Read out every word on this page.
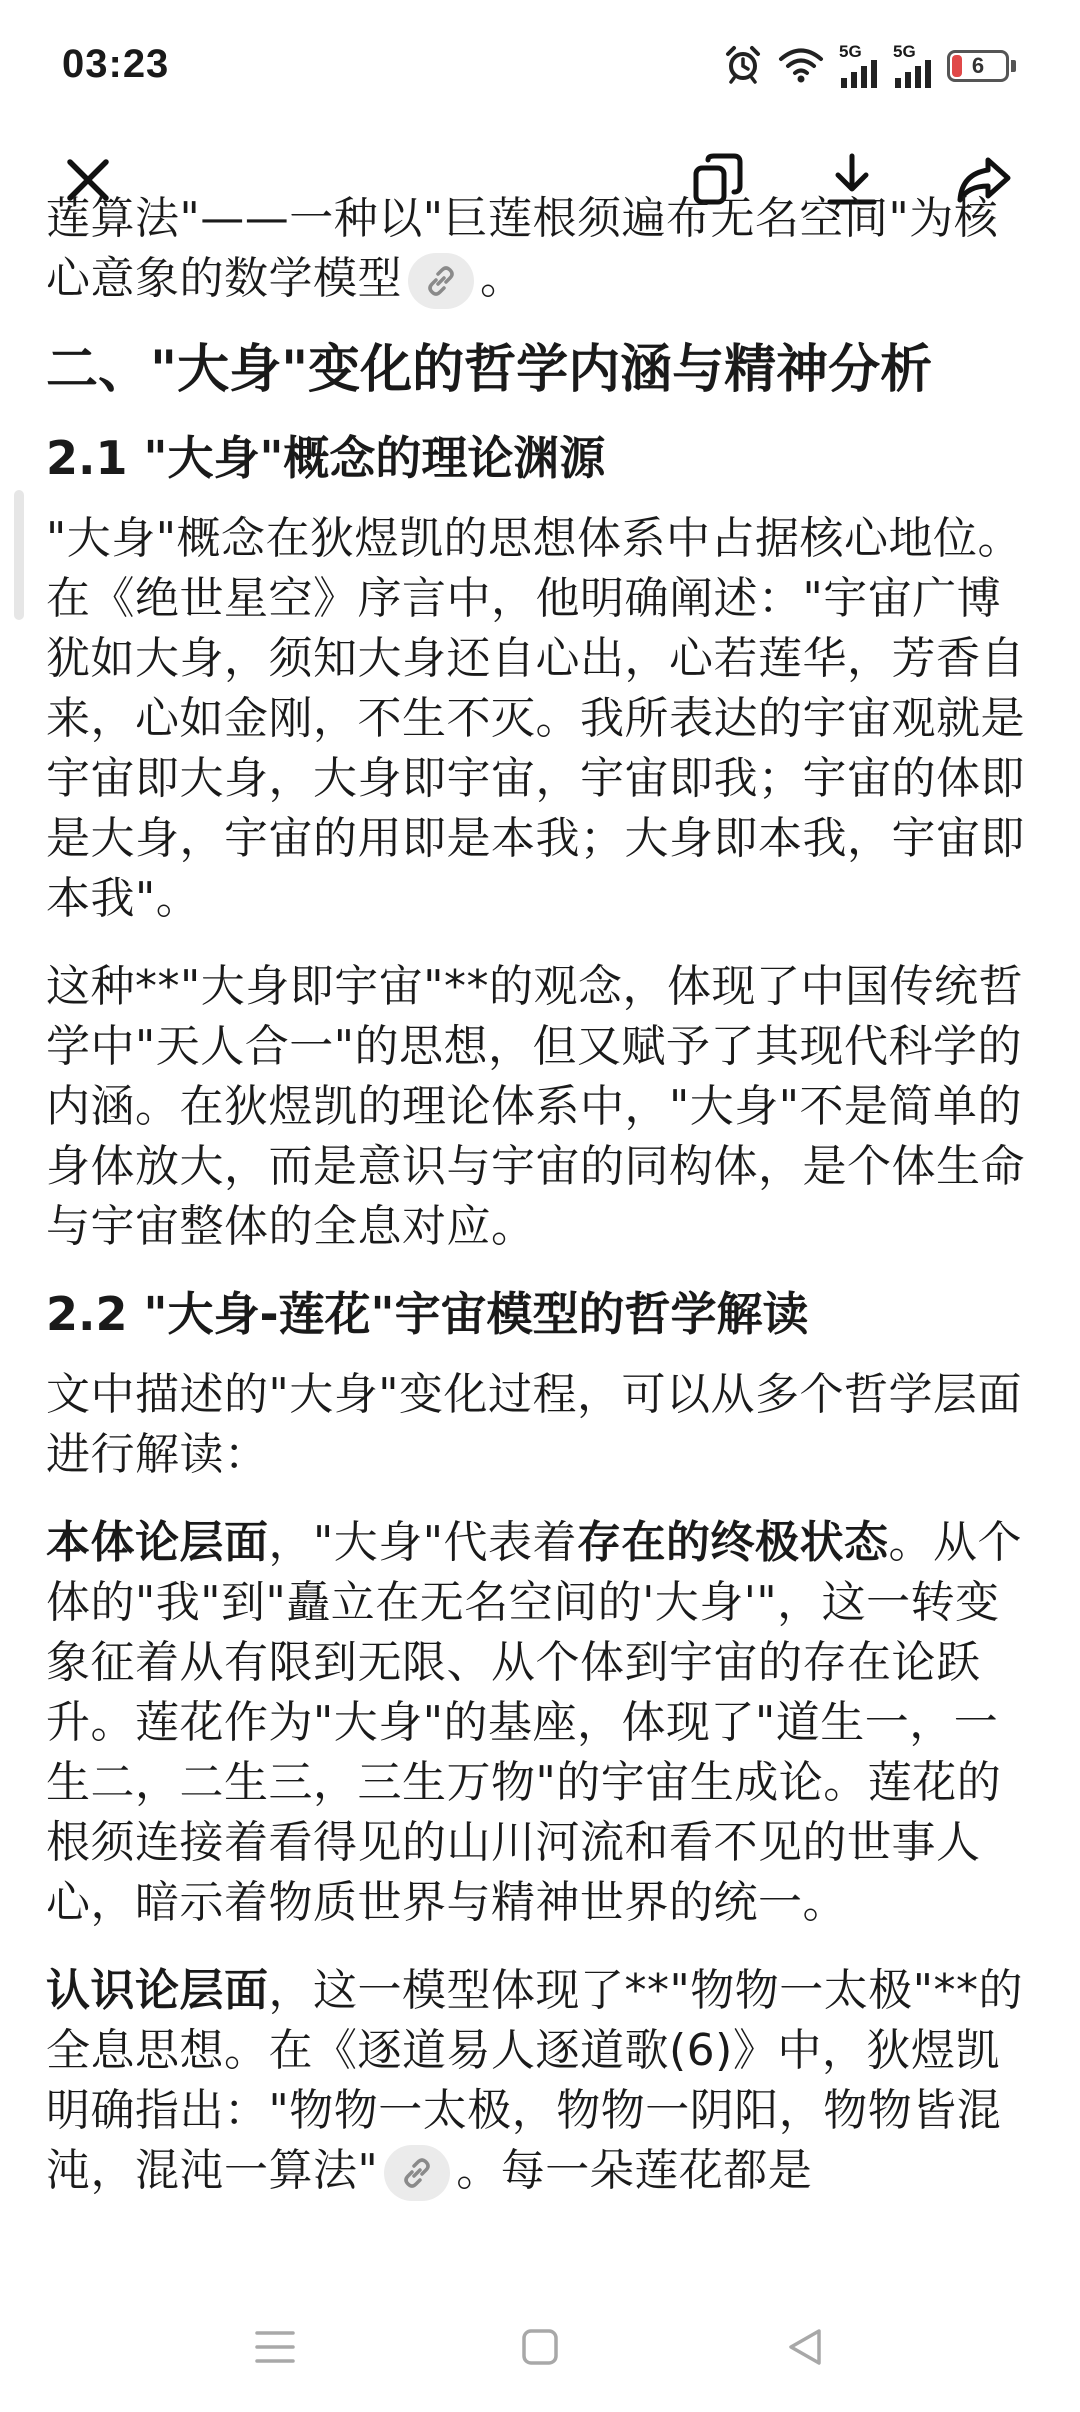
03:23	5G 5G
6

莲算法"——一种以"巨莲根须遍布无名空间"为核心意象的数学模型 。

二、"大身"变化的哲学内涵与精神分析
2.1 "大身"概念的理论渊源

"大身"概念在狄煜凯的思想体系中占据核心地位。在《绝世星空》序言中，他明确阐述："宇宙广博犹如大身，须知大身还自心出，心若莲华，芳香自来，心如金刚，不生不灭。我所表达的宇宙观就是宇宙即大身，大身即宇宙，宇宙即我；宇宙的体即是大身，宇宙的用即是本我；大身即本我，宇宙即本我"。

这种**"大身即宇宙"**的观念，体现了中国传统哲学中"天人合一"的思想，但又赋予了其现代科学的内涵。在狄煜凯的理论体系中，"大身"不是简单的身体放大，而是意识与宇宙的同构体，是个体生命与宇宙整体的全息对应。

2.2 "大身-莲花"宇宙模型的哲学解读

文中描述的"大身"变化过程，可以从多个哲学层面进行解读：

本体论层面，"大身"代表着存在的终极状态。从个体的"我"到"矗立在无名空间的'大身'"，这一转变象征着从有限到无限、从个体到宇宙的存在论跃升。莲花作为"大身"的基座，体现了"道生一，一生二，二生三，三生万物"的宇宙生成论。莲花的根须连接着看得见的山川河流和看不见的世事人心，暗示着物质世界与精神世界的统一。

认识论层面，这一模型体现了**"物物一太极"**的全息思想。在《逐道易人逐道歌(6)》中，狄煜凯明确指出："物物一太极，物物一阴阳，物物皆混沌，混沌一算法" 。每一朵莲花都是
